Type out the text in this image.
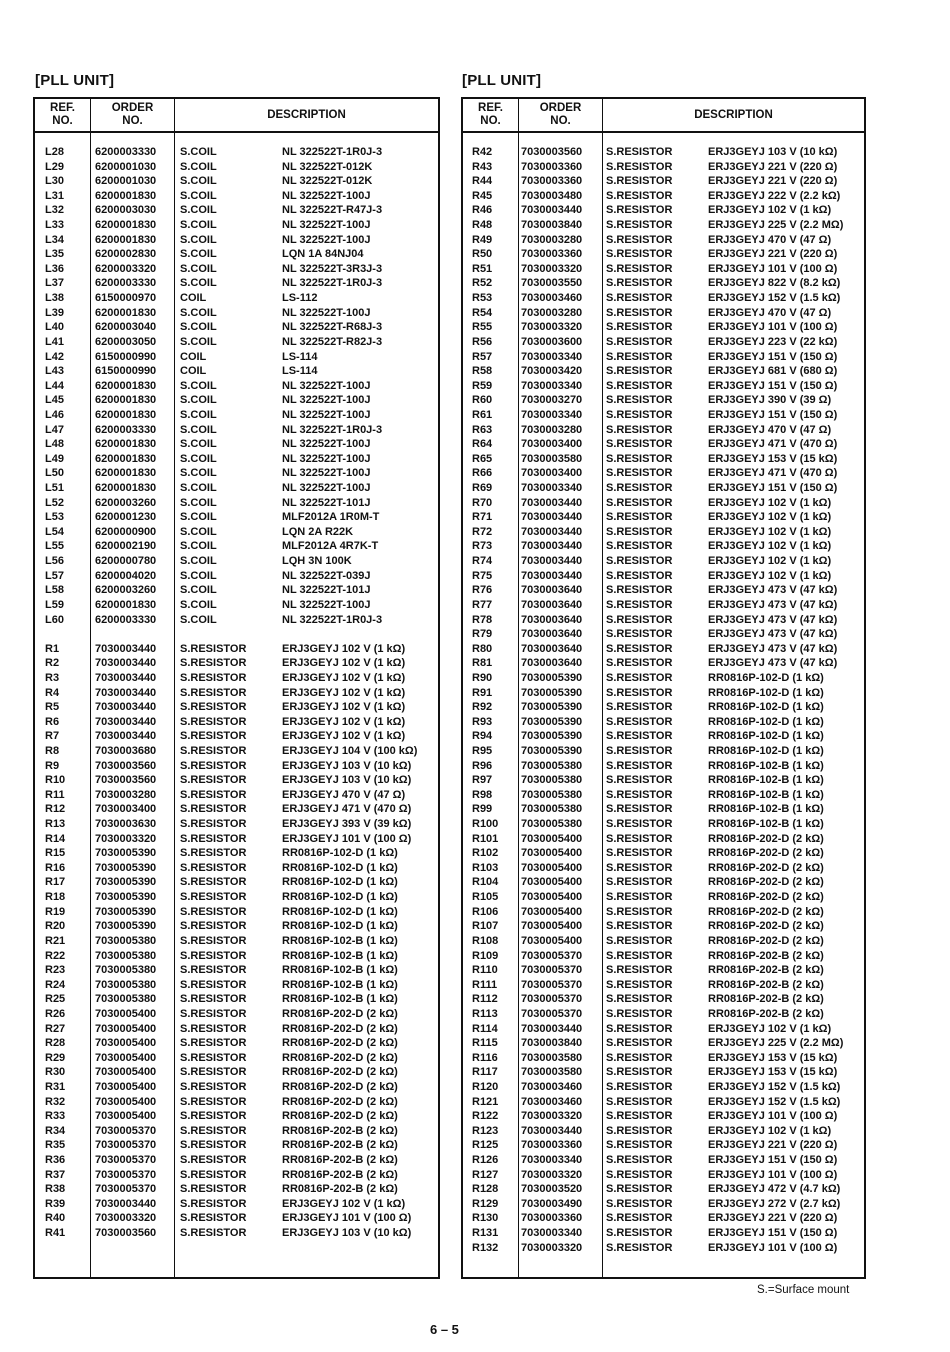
[PLL UNIT]	[PLL UNIT]
REF.
NO.
ORDER
NO.
DESCRIPTION
L28	6200003330 S.COIL	NL 322522T-1R0J-3
L29	6200001030 S.COIL	NL 322522T-012K
L30	6200001030 S.COIL	NL 322522T-012K
L31	6200001830 S.COIL	NL 322522T-100J
L32	6200003030 S.COIL	NL 322522T-R47J-3
L33	6200001830 S.COIL	NL 322522T-100J
L34	6200001830 S.COIL	NL 322522T-100J
L35	6200002830 S.COIL	LQN 1A 84NJ04
L36	6200003320 S.COIL	NL 322522T-3R3J-3
L37	6200003330 S.COIL	NL 322522T-1R0J-3
L38	6150000970 COIL	LS-112
L39	6200001830 S.COIL	NL 322522T-100J
L40	6200003040 S.COIL	NL 322522T-R68J-3
L41	6200003050 S.COIL	NL 322522T-R82J-3
L42	6150000990 COIL	LS-114
L43	6150000990 COIL	LS-114
L44	6200001830 S.COIL	NL 322522T-100J
L45	6200001830 S.COIL	NL 322522T-100J
L46	6200001830 S.COIL	NL 322522T-100J
L47	6200003330 S.COIL	NL 322522T-1R0J-3
L48	6200001830 S.COIL	NL 322522T-100J
L49	6200001830 S.COIL	NL 322522T-100J
L50	6200001830 S.COIL	NL 322522T-100J
L51	6200001830 S.COIL	NL 322522T-100J
L52	6200003260 S.COIL	NL 322522T-101J
L53	6200001230 S.COIL	MLF2012A 1R0M-T
L54	6200000900 S.COIL	LQN 2A R22K
L55	6200002190 S.COIL	MLF2012A 4R7K-T
L56	6200000780 S.COIL	LQH 3N 100K
L57	6200004020 S.COIL	NL 322522T-039J
L58	6200003260 S.COIL	NL 322522T-101J
L59	6200001830 S.COIL	NL 322522T-100J
L60	6200003330 S.COIL	NL 322522T-1R0J-3
R1	7030003440 S.RESISTOR	ERJ3GEYJ 102 V (1 kΩ)
R2	7030003440 S.RESISTOR	ERJ3GEYJ 102 V (1 kΩ)
R3	7030003440 S.RESISTOR	ERJ3GEYJ 102 V (1 kΩ)
R4	7030003440 S.RESISTOR	ERJ3GEYJ 102 V (1 kΩ)
R5	7030003440 S.RESISTOR	ERJ3GEYJ 102 V (1 kΩ)
R6	7030003440 S.RESISTOR	ERJ3GEYJ 102 V (1 kΩ)
R7	7030003440 S.RESISTOR	ERJ3GEYJ 102 V (1 kΩ)
R8	7030003680 S.RESISTOR	ERJ3GEYJ 104 V (100 kΩ)
R9	7030003560 S.RESISTOR	ERJ3GEYJ 103 V (10 kΩ)
R10	7030003560 S.RESISTOR	ERJ3GEYJ 103 V (10 kΩ)
R11	7030003280 S.RESISTOR	ERJ3GEYJ 470 V (47 Ω)
R12	7030003400 S.RESISTOR	ERJ3GEYJ 471 V (470 Ω)
R13	7030003630 S.RESISTOR	ERJ3GEYJ 393 V (39 kΩ)
R14	7030003320 S.RESISTOR	ERJ3GEYJ 101 V (100 Ω)
R15	7030005390 S.RESISTOR	RR0816P-102-D (1 kΩ)
R16	7030005390 S.RESISTOR	RR0816P-102-D (1 kΩ)
R17	7030005390 S.RESISTOR	RR0816P-102-D (1 kΩ)
R18	7030005390 S.RESISTOR	RR0816P-102-D (1 kΩ)
R19	7030005390 S.RESISTOR	RR0816P-102-D (1 kΩ)
R20	7030005390 S.RESISTOR	RR0816P-102-D (1 kΩ)
R21	7030005380 S.RESISTOR	RR0816P-102-B (1 kΩ)
R22	7030005380 S.RESISTOR	RR0816P-102-B (1 kΩ)
R23	7030005380 S.RESISTOR	RR0816P-102-B (1 kΩ)
R24	7030005380 S.RESISTOR	RR0816P-102-B (1 kΩ)
R25	7030005380 S.RESISTOR	RR0816P-102-B (1 kΩ)
R26	7030005400 S.RESISTOR	RR0816P-202-D (2 kΩ)
R27	7030005400 S.RESISTOR	RR0816P-202-D (2 kΩ)
R28	7030005400 S.RESISTOR	RR0816P-202-D (2 kΩ)
R29	7030005400 S.RESISTOR	RR0816P-202-D (2 kΩ)
R30	7030005400 S.RESISTOR	RR0816P-202-D (2 kΩ)
R31	7030005400 S.RESISTOR	RR0816P-202-D (2 kΩ)
R32	7030005400 S.RESISTOR	RR0816P-202-D (2 kΩ)
R33	7030005400 S.RESISTOR	RR0816P-202-D (2 kΩ)
R34	7030005370 S.RESISTOR	RR0816P-202-B (2 kΩ)
R35	7030005370 S.RESISTOR	RR0816P-202-B (2 kΩ)
R36	7030005370 S.RESISTOR	RR0816P-202-B (2 kΩ)
R37	7030005370 S.RESISTOR	RR0816P-202-B (2 kΩ)
R38	7030005370 S.RESISTOR	RR0816P-202-B (2 kΩ)
R39	7030003440 S.RESISTOR	ERJ3GEYJ 102 V (1 kΩ)
R40	7030003320 S.RESISTOR	ERJ3GEYJ 101 V (100 Ω)
R41	7030003560 S.RESISTOR	ERJ3GEYJ 103 V (10 kΩ)
REF.
NO.
ORDER
NO.
DESCRIPTION
R42	7030003560 S.RESISTOR	ERJ3GEYJ 103 V (10 kΩ)
R43	7030003360 S.RESISTOR	ERJ3GEYJ 221 V (220 Ω)
R44	7030003360 S.RESISTOR	ERJ3GEYJ 221 V (220 Ω)
R45	7030003480 S.RESISTOR	ERJ3GEYJ 222 V (2.2 kΩ)
R46	7030003440 S.RESISTOR	ERJ3GEYJ 102 V (1 kΩ)
R48	7030003840 S.RESISTOR	ERJ3GEYJ 225 V (2.2 MΩ)
R49	7030003280 S.RESISTOR	ERJ3GEYJ 470 V (47 Ω)
R50	7030003360 S.RESISTOR	ERJ3GEYJ 221 V (220 Ω)
R51	7030003320 S.RESISTOR	ERJ3GEYJ 101 V (100 Ω)
R52	7030003550 S.RESISTOR	ERJ3GEYJ 822 V (8.2 kΩ)
R53	7030003460 S.RESISTOR	ERJ3GEYJ 152 V (1.5 kΩ)
R54	7030003280 S.RESISTOR	ERJ3GEYJ 470 V (47 Ω)
R55	7030003320 S.RESISTOR	ERJ3GEYJ 101 V (100 Ω)
R56	7030003600 S.RESISTOR	ERJ3GEYJ 223 V (22 kΩ)
R57	7030003340 S.RESISTOR	ERJ3GEYJ 151 V (150 Ω)
R58	7030003420 S.RESISTOR	ERJ3GEYJ 681 V (680 Ω)
R59	7030003340 S.RESISTOR	ERJ3GEYJ 151 V (150 Ω)
R60	7030003270 S.RESISTOR	ERJ3GEYJ 390 V (39 Ω)
R61	7030003340 S.RESISTOR	ERJ3GEYJ 151 V (150 Ω)
R63	7030003280 S.RESISTOR	ERJ3GEYJ 470 V (47 Ω)
R64	7030003400 S.RESISTOR	ERJ3GEYJ 471 V (470 Ω)
R65	7030003580 S.RESISTOR	ERJ3GEYJ 153 V (15 kΩ)
R66	7030003400 S.RESISTOR	ERJ3GEYJ 471 V (470 Ω)
R69	7030003340 S.RESISTOR	ERJ3GEYJ 151 V (150 Ω)
R70	7030003440 S.RESISTOR	ERJ3GEYJ 102 V (1 kΩ)
R71	7030003440 S.RESISTOR	ERJ3GEYJ 102 V (1 kΩ)
R72	7030003440 S.RESISTOR	ERJ3GEYJ 102 V (1 kΩ)
R73	7030003440 S.RESISTOR	ERJ3GEYJ 102 V (1 kΩ)
R74	7030003440 S.RESISTOR	ERJ3GEYJ 102 V (1 kΩ)
R75	7030003440 S.RESISTOR	ERJ3GEYJ 102 V (1 kΩ)
R76	7030003640 S.RESISTOR	ERJ3GEYJ 473 V (47 kΩ)
R77	7030003640 S.RESISTOR	ERJ3GEYJ 473 V (47 kΩ)
R78	7030003640 S.RESISTOR	ERJ3GEYJ 473 V (47 kΩ)
R79	7030003640 S.RESISTOR	ERJ3GEYJ 473 V (47 kΩ)
R80	7030003640 S.RESISTOR	ERJ3GEYJ 473 V (47 kΩ)
R81	7030003640 S.RESISTOR	ERJ3GEYJ 473 V (47 kΩ)
R90	7030005390 S.RESISTOR	RR0816P-102-D (1 kΩ)
R91	7030005390 S.RESISTOR	RR0816P-102-D (1 kΩ)
R92	7030005390 S.RESISTOR	RR0816P-102-D (1 kΩ)
R93	7030005390 S.RESISTOR	RR0816P-102-D (1 kΩ)
R94	7030005390 S.RESISTOR	RR0816P-102-D (1 kΩ)
R95	7030005390 S.RESISTOR	RR0816P-102-D (1 kΩ)
R96	7030005380 S.RESISTOR	RR0816P-102-B (1 kΩ)
R97	7030005380 S.RESISTOR	RR0816P-102-B (1 kΩ)
R98	7030005380 S.RESISTOR	RR0816P-102-B (1 kΩ)
R99	7030005380 S.RESISTOR	RR0816P-102-B (1 kΩ)
R100 7030005380 S.RESISTOR	RR0816P-102-B (1 kΩ)
R101 7030005400 S.RESISTOR	RR0816P-202-D (2 kΩ)
R102 7030005400 S.RESISTOR	RR0816P-202-D (2 kΩ)
R103 7030005400 S.RESISTOR	RR0816P-202-D (2 kΩ)
R104 7030005400 S.RESISTOR	RR0816P-202-D (2 kΩ)
R105 7030005400 S.RESISTOR	RR0816P-202-D (2 kΩ)
R106 7030005400 S.RESISTOR	RR0816P-202-D (2 kΩ)
R107 7030005400 S.RESISTOR	RR0816P-202-D (2 kΩ)
R108 7030005400 S.RESISTOR	RR0816P-202-D (2 kΩ)
R109 7030005370 S.RESISTOR	RR0816P-202-B (2 kΩ)
R110 7030005370 S.RESISTOR	RR0816P-202-B (2 kΩ)
R111 7030005370 S.RESISTOR	RR0816P-202-B (2 kΩ)
R112 7030005370 S.RESISTOR	RR0816P-202-B (2 kΩ)
R113 7030005370 S.RESISTOR	RR0816P-202-B (2 kΩ)
R114 7030003440 S.RESISTOR	ERJ3GEYJ 102 V (1 kΩ)
R115 7030003840 S.RESISTOR	ERJ3GEYJ 225 V (2.2 MΩ)
R116 7030003580 S.RESISTOR	ERJ3GEYJ 153 V (15 kΩ)
R117 7030003580 S.RESISTOR	ERJ3GEYJ 153 V (15 kΩ)
R120 7030003460 S.RESISTOR	ERJ3GEYJ 152 V (1.5 kΩ)
R121 7030003460 S.RESISTOR	ERJ3GEYJ 152 V (1.5 kΩ)
R122 7030003320 S.RESISTOR	ERJ3GEYJ 101 V (100 Ω)
R123 7030003440 S.RESISTOR	ERJ3GEYJ 102 V (1 kΩ)
R125 7030003360 S.RESISTOR	ERJ3GEYJ 221 V (220 Ω)
R126 7030003340 S.RESISTOR	ERJ3GEYJ 151 V (150 Ω)
R127 7030003320 S.RESISTOR	ERJ3GEYJ 101 V (100 Ω)
R128 7030003520 S.RESISTOR	ERJ3GEYJ 472 V (4.7 kΩ)
R129 7030003490 S.RESISTOR	ERJ3GEYJ 272 V (2.7 kΩ)
R130 7030003360 S.RESISTOR	ERJ3GEYJ 221 V (220 Ω)
R131 7030003340 S.RESISTOR	ERJ3GEYJ 151 V (150 Ω)
R132 7030003320 S.RESISTOR	ERJ3GEYJ 101 V (100 Ω)
S.=Surface mount
6 – 5
